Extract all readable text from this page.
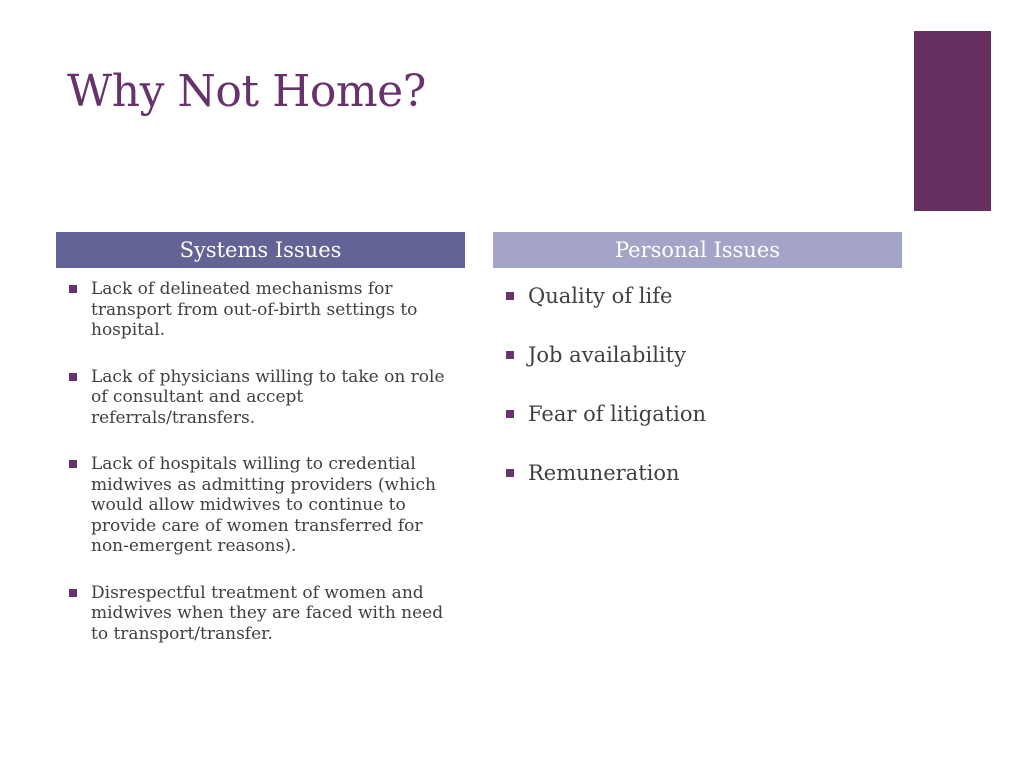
Why Not Home?
Systems Issues	Personal Issues
Lack of delineated mechanisms for transport from out-of-birth settings to hospital.
Lack of physicians willing to take on role of consultant and accept referrals/transfers.
Lack of hospitals willing to credential midwives as admitting providers (which would allow midwives to continue to provide care of women transferred for non-emergent reasons).
Disrespectful treatment of women and midwives when they are faced with need to transport/transfer.
Quality of life
Job availability
Fear of litigation
Remuneration
